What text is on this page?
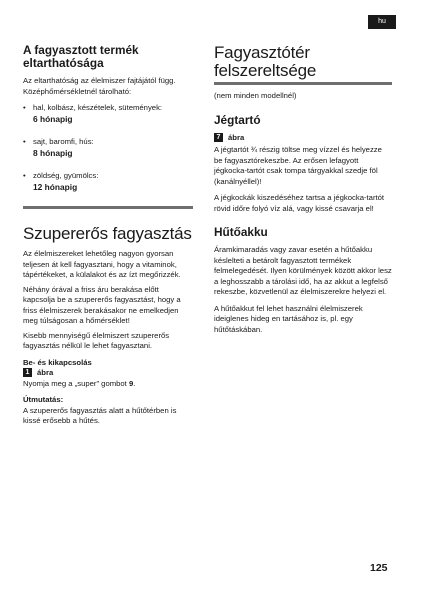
hu
A fagyasztott termék eltarthatósága

Az eltarthatóság az élelmiszer fajtájától függ. Középhőmérsékletnél tárolható:

• hal, kolbász, készételek, sütemények:
6 hónapig
• sajt, baromfi, hús:
8 hónapig
• zöldség, gyümölcs:
12 hónapig
Szupererős fagyasztás

Az élelmiszereket lehetőleg nagyon gyorsan teljesen át kell fagyasztani, hogy a vitaminok, tápértékeket, a külalakot és az ízt megőrizzék.

Néhány órával a friss áru berakása előtt kapcsolja be a szupererős fagyasztást, hogy a friss élelmiszerek berakásakor ne emelkedjen meg túlságosan a hőmérséklet!

Kisebb mennyiségű élelmiszert szupererős fagyasztás nélkül le lehet fagyasztani.

Be- és kikapcsolás

1 ábra

Nyomja meg a „super” gombot 9.

Útmutatás:

A szupererős fagyasztás alatt a hűtőtérben is kissé erősebb a hűtés.

Fagyasztótér felszereltsége

(nem minden modellnél)

Jégtartó

7 ábra

A jégtartót ¾ részig töltse meg vízzel és helyezze be fagyasztórekeszbe. Az erősen lefagyott jégkocka-tartót csak tompa tárgyakkal szedje föl (kanálnyéllel)!

A jégkockák kiszedéséhez tartsa a jégkocka-tartót rövid időre folyó víz alá, vagy kissé csavarja el!

Hűtőakku

Áramkimaradás vagy zavar esetén a hűtőakku késlelteti a betárolt fagyasztott termékek felmelegedését. Ilyen körülmények között akkor lesz a leghosszabb a tárolási idő, ha az akkut a legfelső rekeszbe, közvetlenül az élelmiszerekre helyezi el.

A hűtőakkut fel lehet használni élelmiszerek ideiglenes hideg en tartásához is, pl. egy hűtőtáskában.

125
